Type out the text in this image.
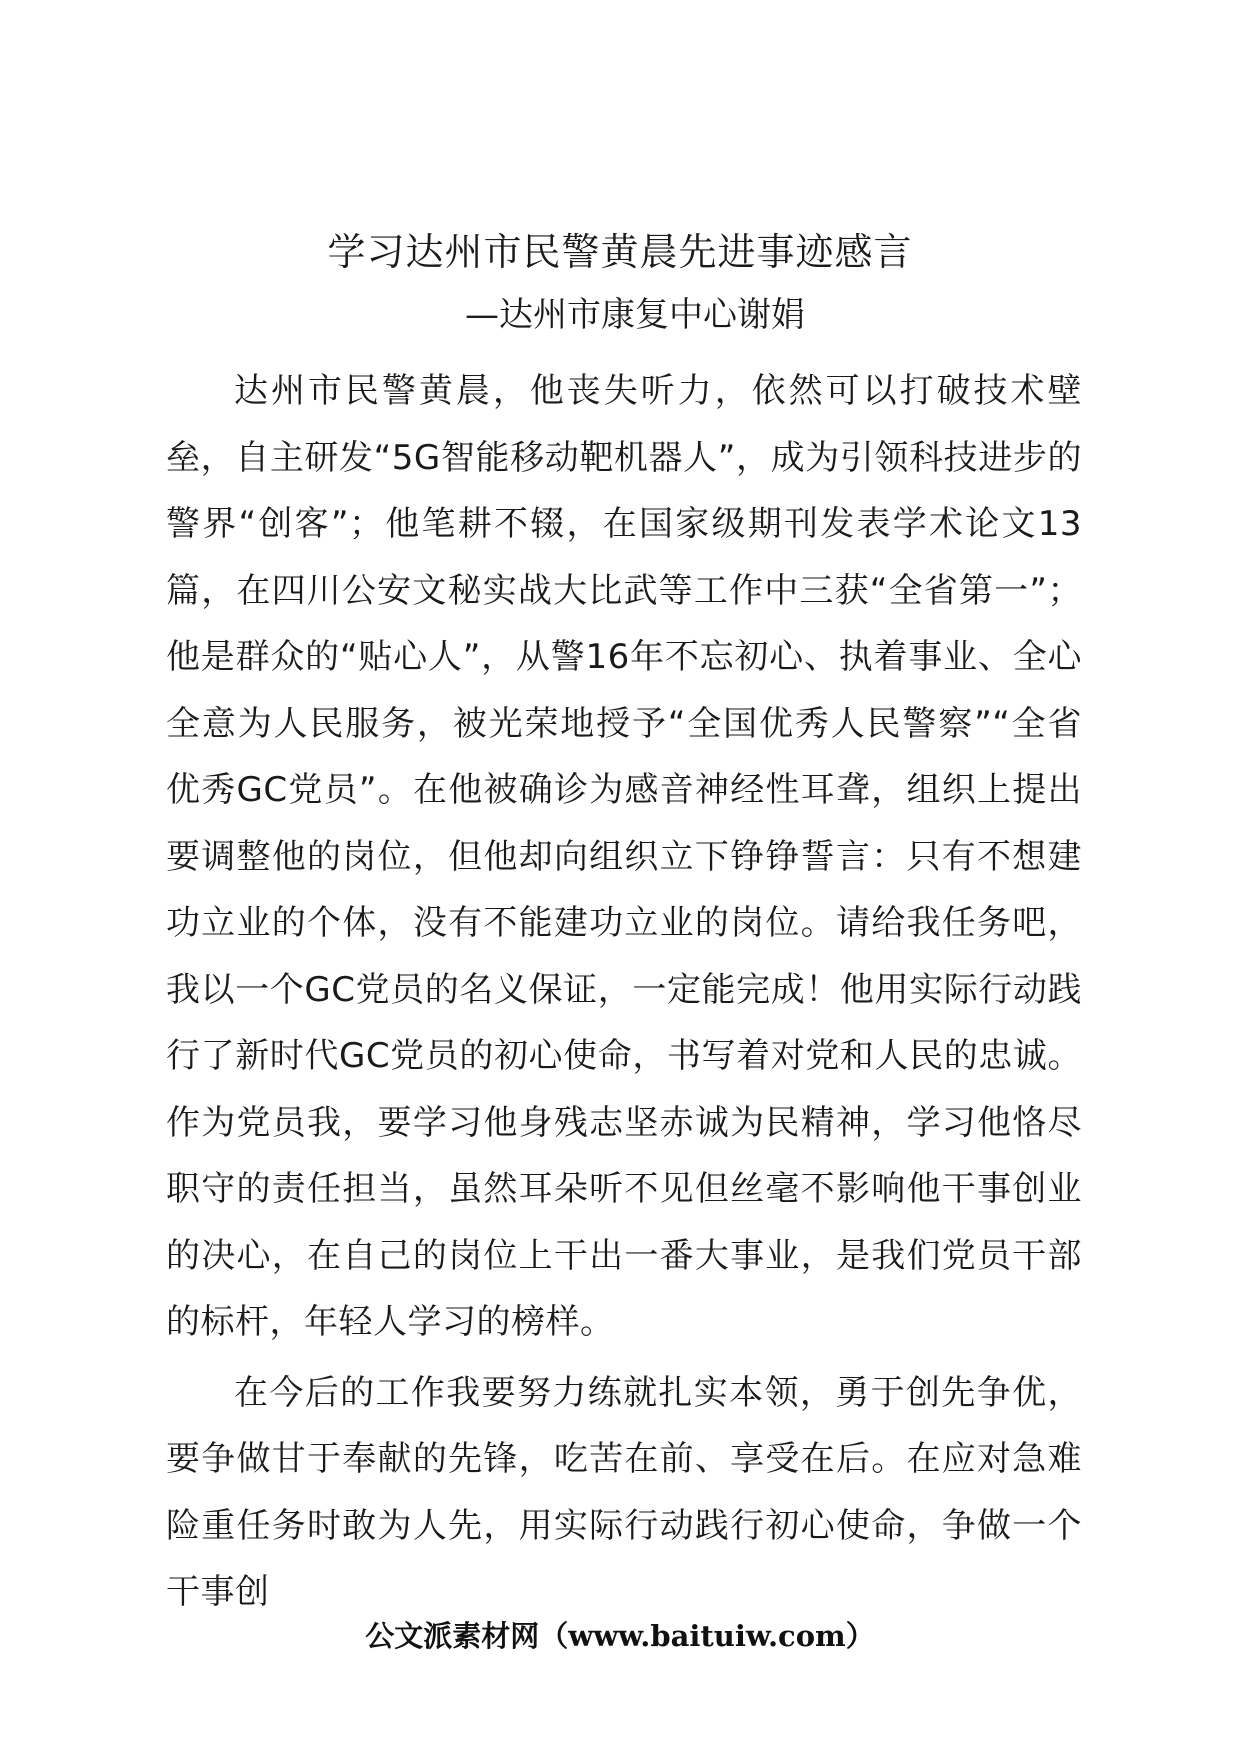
学习达州市民警黄晨先进事迹感言
—达州市康复中心谢娟

达州市民警黄晨，他丧失听力，依然可以打破技术壁垒，自主研发“5G智能移动靶机器人”，成为引领科技进步的警界“创客”；他笔耕不辍，在国家级期刊发表学术论文13篇，在四川公安文秘实战大比武等工作中三获“全省第一”；他是群众的“贴心人”，从警16年不忘初心、执着事业、全心全意为人民服务，被光荣地授予“全国优秀人民警察”“全省优秀GC党员”。在他被确诊为感音神经性耳聋，组织上提出要调整他的岗位，但他却向组织立下铮铮誓言：只有不想建功立业的个体，没有不能建功立业的岗位。请给我任务吧，我以一个GC党员的名义保证，一定能完成！他用实际行动践行了新时代GC党员的初心使命，书写着对党和人民的忠诚。作为党员我，要学习他身残志坚赤诚为民精神，学习他恪尽职守的责任担当，虽然耳朵听不见但丝毫不影响他干事创业的决心，在自己的岗位上干出一番大事业，是我们党员干部的标杆，年轻人学习的榜样。

在今后的工作我要努力练就扎实本领，勇于创先争优，要争做甘于奉献的先锋，吃苦在前、享受在后。在应对急难险重任务时敢为人先，用实际行动践行初心使命，争做一个干事创

公文派素材网（www.baituiw.com）
